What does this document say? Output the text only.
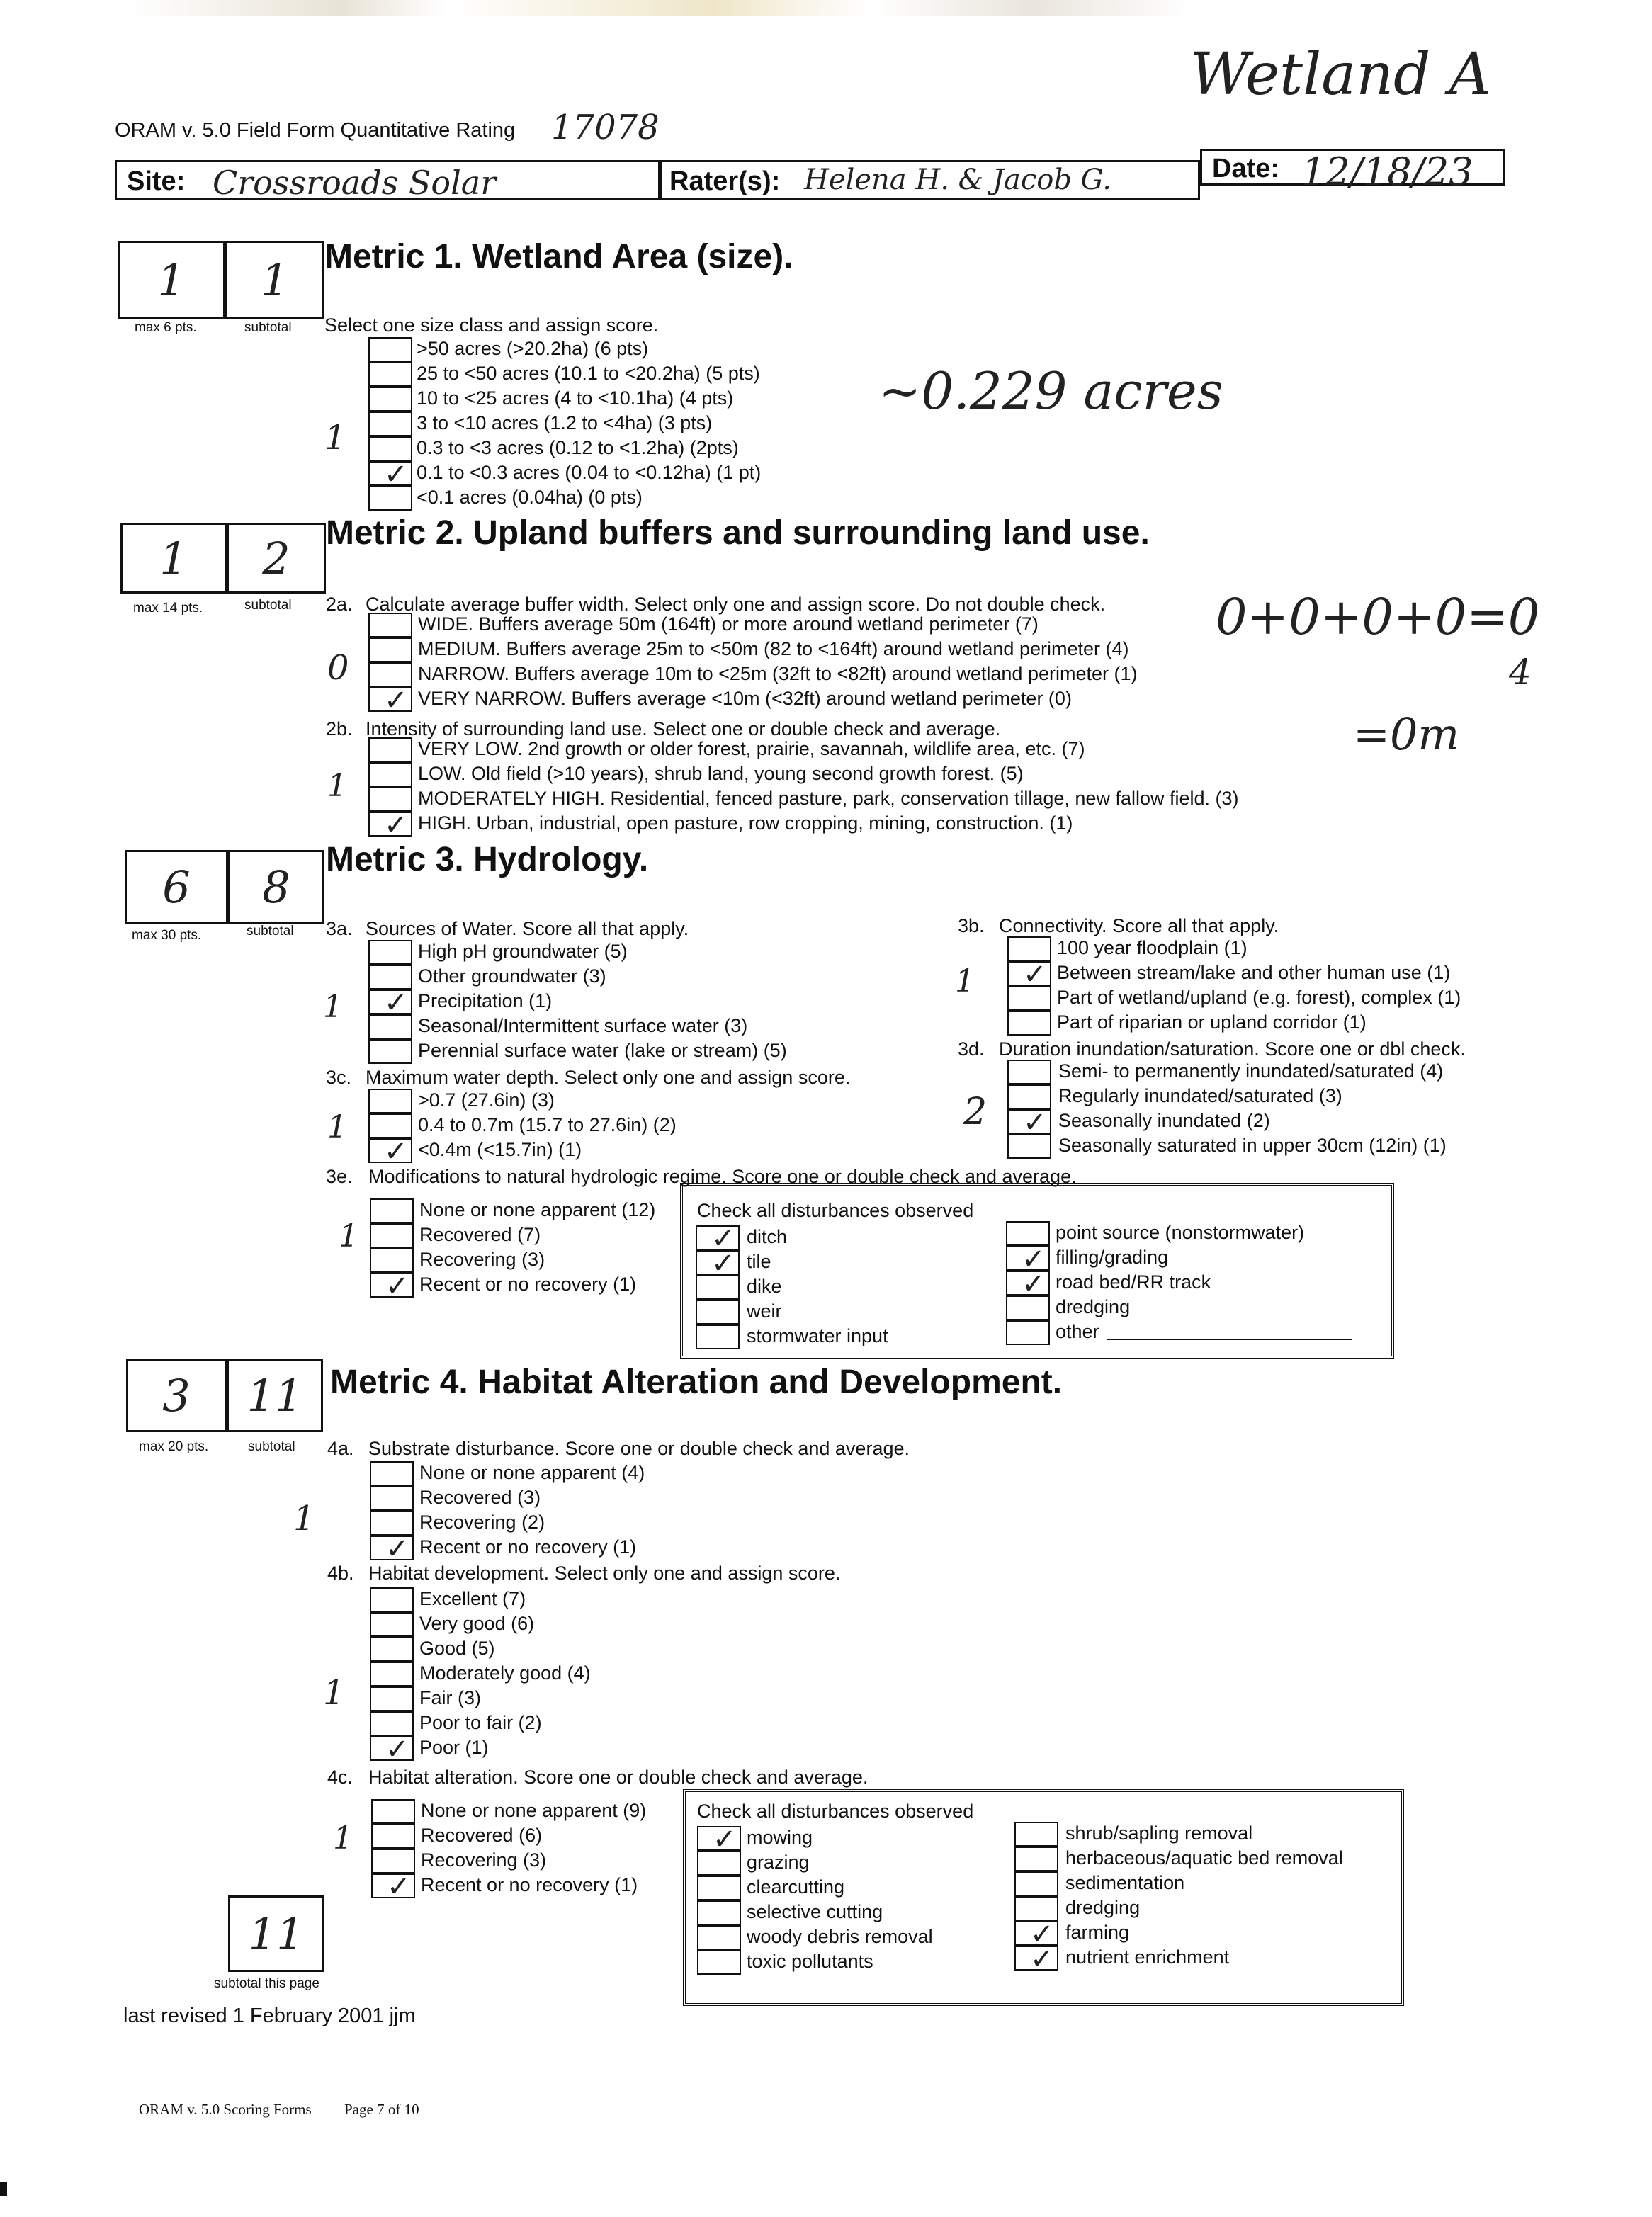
Wetland A
ORAM v. 5.0 Field Form Quantitative Rating 17078
Site: Crossroads Solar	Rater(s): Helena H. & Jacob G.	Date: 12/18/23
1	1
max 6 pts.	subtotal
Metric 1. Wetland Area (size).
Select one size class and assign score.
1
~0.229 acres
>50 acres (>20.2ha) (6 pts)
25 to <50 acres (10.1 to <20.2ha) (5 pts)
10 to <25 acres (4 to <10.1ha) (4 pts)
3 to <10 acres (1.2 to <4ha) (3 pts)
0.3 to <3 acres (0.12 to <1.2ha) (2pts)
✓ 0.1 to <0.3 acres (0.04 to <0.12ha) (1 pt)
<0.1 acres (0.04ha) (0 pts)
1	2
max 14 pts.	subtotal
Metric 2. Upland buffers and surrounding land use.
2a. Calculate average buffer width. Select only one and assign score. Do not double check.
0
0+0+0+0=0
4
=0m
2b. Intensity of surrounding land use. Select one or double check and average.
1
WIDE. Buffers average 50m (164ft) or more around wetland perimeter (7)
MEDIUM. Buffers average 25m to <50m (82 to <164ft) around wetland perimeter (4)
NARROW. Buffers average 10m to <25m (32ft to <82ft) around wetland perimeter (1)
✓ VERY NARROW. Buffers average <10m (<32ft) around wetland perimeter (0)
VERY LOW. 2nd growth or older forest, prairie, savannah, wildlife area, etc. (7)
LOW. Old field (>10 years), shrub land, young second growth forest. (5)
MODERATELY HIGH. Residential, fenced pasture, park, conservation tillage, new fallow field. (3)
✓ HIGH. Urban, industrial, open pasture, row cropping, mining, construction. (1)
6	8
max 30 pts.	subtotal
Metric 3. Hydrology.
3a. Sources of Water. Score all that apply.
1
High pH groundwater (5)
Other groundwater (3)
✓ Precipitation (1)
Seasonal/Intermittent surface water (3)
Perennial surface water (lake or stream) (5)
3b. Connectivity. Score all that apply.
1
100 year floodplain (1)
✓ Between stream/lake and other human use (1)
Part of wetland/upland (e.g. forest), complex (1)
Part of riparian or upland corridor (1)
3d. Duration inundation/saturation. Score one or dbl check.
2
Semi- to permanently inundated/saturated (4)
Regularly inundated/saturated (3)
✓ Seasonally inundated (2)
Seasonally saturated in upper 30cm (12in) (1)
3c. Maximum water depth. Select only one and assign score.
1
>0.7 (27.6in) (3)
0.4 to 0.7m (15.7 to 27.6in) (2)
✓ <0.4m (<15.7in) (1)
3e. Modifications to natural hydrologic regime. Score one or double check and average.
1
None or none apparent (12)
Recovered (7)
Recovering (3)
✓ Recent or no recovery (1)
Check all disturbances observed
✓ ditch
✓ tile
dike
weir
stormwater input
point source (nonstormwater)
✓ filling/grading
✓ road bed/RR track
dredging
other
3	11
max 20 pts.	subtotal
Metric 4. Habitat Alteration and Development.
4a. Substrate disturbance. Score one or double check and average.
1
None or none apparent (4)
Recovered (3)
Recovering (2)
✓ Recent or no recovery (1)
4b. Habitat development. Select only one and assign score.
1
Excellent (7)
Very good (6)
Good (5)
Moderately good (4)
Fair (3)
Poor to fair (2)
✓ Poor (1)
4c. Habitat alteration. Score one or double check and average.
1
None or none apparent (9)
Recovered (6)
Recovering (3)
✓ Recent or no recovery (1)
Check all disturbances observed
✓ mowing
grazing
clearcutting
selective cutting
woody debris removal
toxic pollutants
shrub/sapling removal
herbaceous/aquatic bed removal
sedimentation
dredging
✓ farming
✓ nutrient enrichment
11
subtotal this page
last revised 1 February 2001 jjm
ORAM v. 5.0 Scoring Forms Page 7 of 10
